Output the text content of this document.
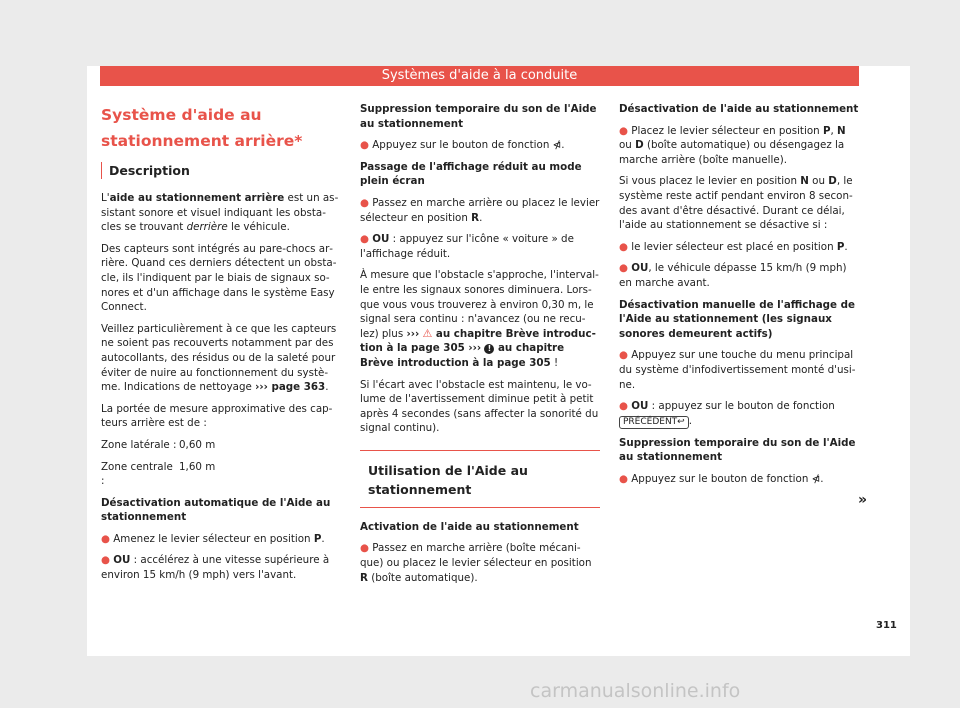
Systèmes d'aide à la conduite
Système d'aide au stationnement arrière*
Description

L'aide au stationnement arrière est un assistant sonore et visuel indiquant les obstacles se trouvant derrière le véhicule.

Des capteurs sont intégrés au pare-chocs arrière. Quand ces derniers détectent un obstacle, ils l'indiquent par le biais de signaux sonores et d'un affichage dans le système Easy Connect.

Veillez particulièrement à ce que les capteurs ne soient pas recouverts notamment par des autocollants, des résidus ou de la saleté pour éviter de nuire au fonctionnement du système. Indications de nettoyage ››› page 363.

La portée de mesure approximative des capteurs arrière est de :

Zone latérale : 0,60 m

Zone centrale :
1,60 m

Désactivation automatique de l'Aide au stationnement

● Amenez le levier sélecteur en position P.

● OU : accélérez à une vitesse supérieure à environ 15 km/h (9 mph) vers l'avant.

Suppression temporaire du son de l'Aide au stationnement

● Appuyez sur le bouton de fonction ⋪.

Passage de l'affichage réduit au mode plein écran

● Passez en marche arrière ou placez le levier sélecteur en position R.

● OU : appuyez sur l'icône « voiture » de l'affichage réduit.

À mesure que l'obstacle s'approche, l'intervalle entre les signaux sonores diminuera. Lorsque vous vous trouverez à environ 0,30 m, le signal sera continu : n'avancez (ou ne reculez) plus ››› ⚠ au chapitre Brève introduction à la page 305 ››› ! au chapitre Brève introduction à la page 305 !

Si l'écart avec l'obstacle est maintenu, le volume de l'avertissement diminue petit à petit après 4 secondes (sans affecter la sonorité du signal continu).

Utilisation de l'Aide au stationnement
Activation de l'aide au stationnement

● Passez en marche arrière (boîte mécanique) ou placez le levier sélecteur en position R (boîte automatique).

Désactivation de l'aide au stationnement

● Placez le levier sélecteur en position P, N ou D (boîte automatique) ou désengagez la marche arrière (boîte manuelle).

Si vous placez le levier en position N ou D, le système reste actif pendant environ 8 secondes avant d'être désactivé. Durant ce délai, l'aide au stationnement se désactive si :

● le levier sélecteur est placé en position P.

● OU, le véhicule dépasse 15 km/h (9 mph) en marche avant.

Désactivation manuelle de l'affichage de l'Aide au stationnement (les signaux sonores demeurent actifs)

● Appuyez sur une touche du menu principal du système d'infodivertissement monté d'usine.

● OU : appuyez sur le bouton de fonction PRÉCÉDENT↩ .

Suppression temporaire du son de l'Aide au stationnement

● Appuyez sur le bouton de fonction ⋪.

»
311
carmanualsonline.info
